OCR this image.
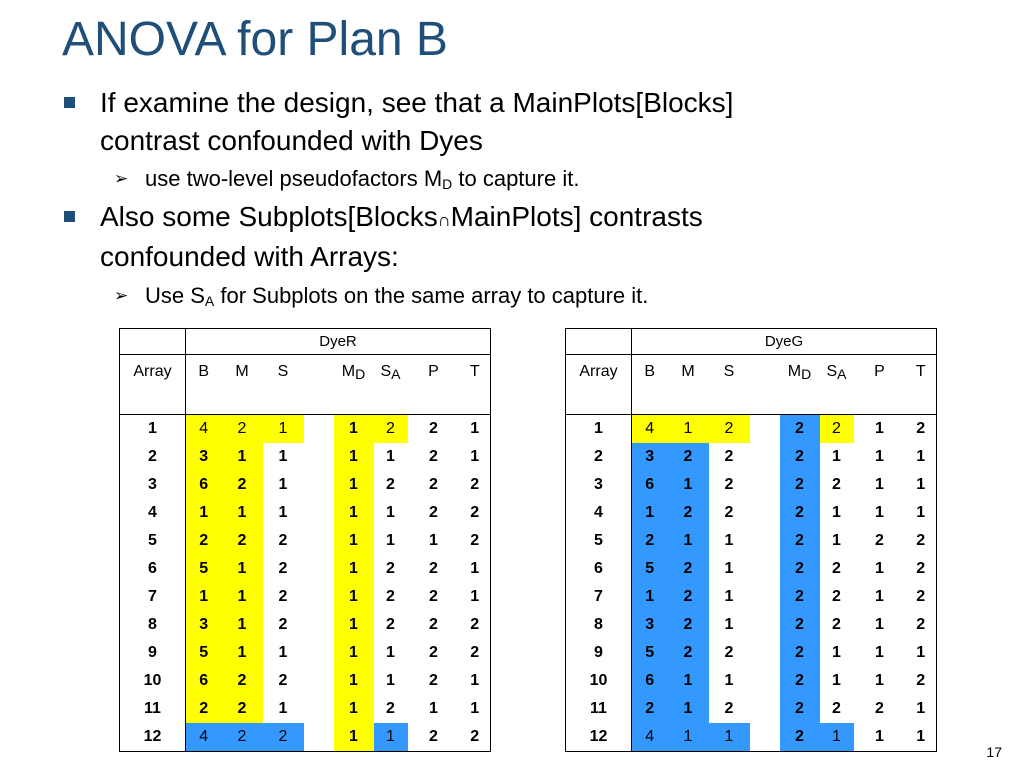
ANOVA for Plan B
If examine the design, see that a MainPlots[Blocks]
contrast confounded with Dyes
➢ use two-level pseudofactors $M_D$ to capture it.
Also some Subplots[Blocks∩MainPlots] contrasts
confounded with Arrays:
➢ Use $S_A$ for Subplots on the same array to capture it.
	DyeR							
Array	B	M	S		$M_D$	$S_A$	P	T
1	4	2	1		1	2	2	1
2	3	1	1		1	1	2	1
3	6	2	1		1	2	2	2
4	1	1	1		1	1	2	2
5	2	2	2		1	1	1	2
6	5	1	2		1	2	2	1
7	1	1	2		1	2	2	1
8	3	1	2		1	2	2	2
9	5	1	1		1	1	2	2
10	6	2	2		1	1	2	1
11	2	2	1		1	2	1	1
12	4	2	2		1	1	2	2
	DyeG							
Array	B	M	S		$M_D$	$S_A$	P	T
1	4	1	2		2	2	1	2
2	3	2	2		2	1	1	1
3	6	1	2		2	2	1	1
4	1	2	2		2	1	1	1
5	2	1	1		2	1	2	2
6	5	2	1		2	2	1	2
7	1	2	1		2	2	1	2
8	3	2	1		2	2	1	2
9	5	2	2		2	1	1	1
10	6	1	1		2	1	1	2
11	2	1	2		2	2	2	1
12	4	1	1		2	1	1	1
17
